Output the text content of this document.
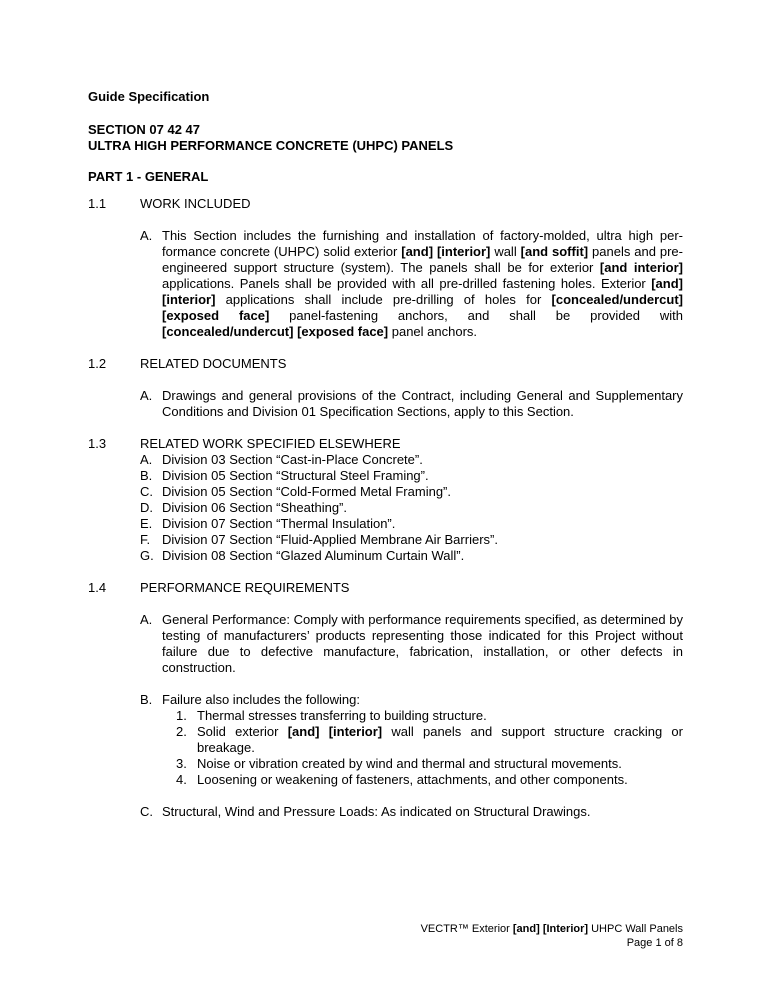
Guide Specification
SECTION 07 42 47
ULTRA HIGH PERFORMANCE CONCRETE (UHPC) PANELS
PART 1 - GENERAL
1.1	WORK INCLUDED
A. This Section includes the furnishing and installation of factory-molded, ultra high performance concrete (UHPC) solid exterior [and] [interior] wall [and soffit] panels and pre-engineered support structure (system). The panels shall be for exterior [and interior] applications. Panels shall be provided with all pre-drilled fastening holes. Exterior [and] [interior] applications shall include pre-drilling of holes for [concealed/undercut] [exposed face] panel-fastening anchors, and shall be provided with [concealed/undercut] [exposed face] panel anchors.
1.2	RELATED DOCUMENTS
A. Drawings and general provisions of the Contract, including General and Supplementary Conditions and Division 01 Specification Sections, apply to this Section.
1.3	RELATED WORK SPECIFIED ELSEWHERE
A. Division 03 Section “Cast-in-Place Concrete”.
B. Division 05 Section “Structural Steel Framing”.
C. Division 05 Section “Cold-Formed Metal Framing”.
D. Division 06 Section “Sheathing”.
E. Division 07 Section “Thermal Insulation”.
F. Division 07 Section “Fluid-Applied Membrane Air Barriers”.
G. Division 08 Section “Glazed Aluminum Curtain Wall”.
1.4	PERFORMANCE REQUIREMENTS
A. General Performance: Comply with performance requirements specified, as determined by testing of manufacturers’ products representing those indicated for this Project without failure due to defective manufacture, fabrication, installation, or other defects in construction.
B. Failure also includes the following:
1. Thermal stresses transferring to building structure.
2. Solid exterior [and] [interior] wall panels and support structure cracking or breakage.
3. Noise or vibration created by wind and thermal and structural movements.
4. Loosening or weakening of fasteners, attachments, and other components.
C. Structural, Wind and Pressure Loads: As indicated on Structural Drawings.
VECTR™ Exterior [and] [Interior] UHPC Wall Panels
Page 1 of 8
